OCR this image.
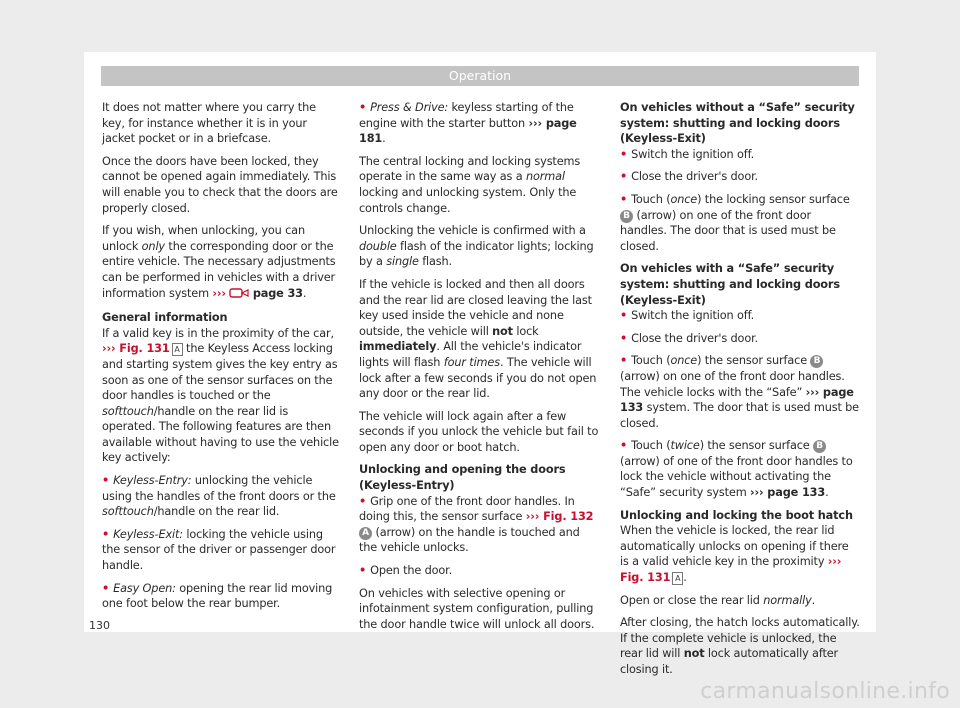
Operation

It does not matter where you carry the key, for instance whether it is in your jacket pocket or in a briefcase.

Once the doors have been locked, they cannot be opened again immediately. This will enable you to check that the doors are properly closed.

If you wish, when unlocking, you can unlock only the corresponding door or the entire vehicle. The necessary adjustments can be performed in vehicles with a driver information system ››› page 33.

General information

If a valid key is in the proximity of the car, ››› Fig. 131 A the Keyless Access locking and starting system gives the key entry as soon as one of the sensor surfaces on the door handles is touched or the softtouch/handle on the rear lid is operated. The following features are then available without having to use the vehicle key actively:

• Keyless-Entry: unlocking the vehicle using the handles of the front doors or the softtouch/handle on the rear lid.

• Keyless-Exit: locking the vehicle using the sensor of the driver or passenger door handle.

• Easy Open: opening the rear lid moving one foot below the rear bumper.

• Press & Drive: keyless starting of the engine with the starter button ››› page 181.

The central locking and locking systems operate in the same way as a normal locking and unlocking system. Only the controls change.

Unlocking the vehicle is confirmed with a double flash of the indicator lights; locking by a single flash.

If the vehicle is locked and then all doors and the rear lid are closed leaving the last key used inside the vehicle and none outside, the vehicle will not lock immediately. All the vehicle's indicator lights will flash four times. The vehicle will lock after a few seconds if you do not open any door or the rear lid.

The vehicle will lock again after a few seconds if you unlock the vehicle but fail to open any door or boot hatch.

Unlocking and opening the doors (Keyless-Entry)

• Grip one of the front door handles. In doing this, the sensor surface ››› Fig. 132 A (arrow) on the handle is touched and the vehicle unlocks.

• Open the door.

On vehicles with selective opening or infotainment system configuration, pulling the door handle twice will unlock all doors.

On vehicles without a “Safe” security system: shutting and locking doors (Keyless-Exit)

• Switch the ignition off.

• Close the driver's door.

• Touch (once) the locking sensor surface B (arrow) on one of the front door handles. The door that is used must be closed.

On vehicles with a “Safe” security system: shutting and locking doors (Keyless-Exit)

• Switch the ignition off.

• Close the driver's door.

• Touch (once) the sensor surface B (arrow) on one of the front door handles. The vehicle locks with the “Safe” ››› page 133 system. The door that is used must be closed.

• Touch (twice) the sensor surface B (arrow) of one of the front door handles to lock the vehicle without activating the “Safe” security system ››› page 133.

Unlocking and locking the boot hatch

When the vehicle is locked, the rear lid automatically unlocks on opening if there is a valid vehicle key in the proximity ››› Fig. 131 A .

Open or close the rear lid normally.

After closing, the hatch locks automatically. If the complete vehicle is unlocked, the rear lid will not lock automatically after closing it.

130
carmanualsonline.info
